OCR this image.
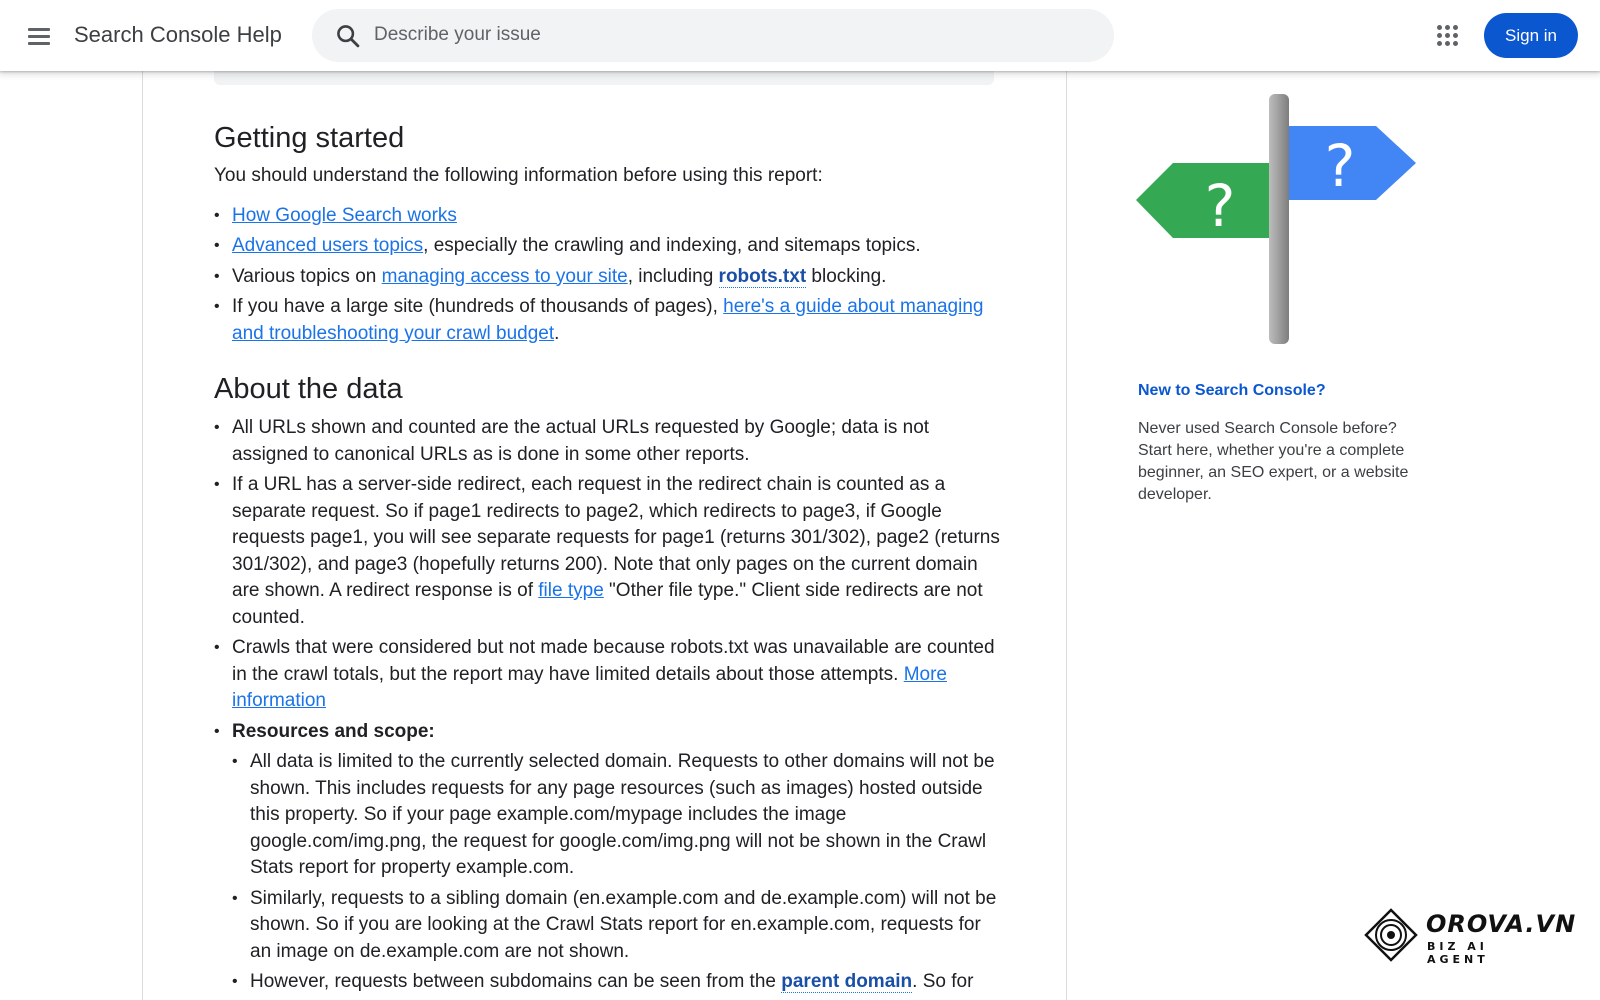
Search Console Help
Describe your issue	Sign in
Getting started

You should understand the following information before using this report:

• How Google Search works
• Advanced users topics, especially the crawling and indexing, and sitemaps topics.
• Various topics on managing access to your site, including robots.txt blocking.
• If you have a large site (hundreds of thousands of pages), here's a guide about managing and troubleshooting your crawl budget.
About the data
• All URLs shown and counted are the actual URLs requested by Google; data is not assigned to canonical URLs as is done in some other reports.
• If a URL has a server-side redirect, each request in the redirect chain is counted as a separate request. So if page1 redirects to page2, which redirects to page3, if Google requests page1, you will see separate requests for page1 (returns 301/302), page2 (returns 301/302), and page3 (hopefully returns 200). Note that only pages on the current domain are shown. A redirect response is of file type "Other file type." Client side redirects are not counted.
• Crawls that were considered but not made because robots.txt was unavailable are counted in the crawl totals, but the report may have limited details about those attempts. More information
• Resources and scope:
• All data is limited to the currently selected domain. Requests to other domains will not be shown. This includes requests for any page resources (such as images) hosted outside this property. So if your page example.com/mypage includes the image google.com/img.png, the request for google.com/img.png will not be shown in the Crawl Stats report for property example.com.
• Similarly, requests to a sibling domain (en.example.com and de.example.com) will not be shown. So if you are looking at the Crawl Stats report for en.example.com, requests for an image on de.example.com are not shown.
• However, requests between subdomains can be seen from the parent domain. So for
?
?
New to Search Console?

Never used Search Console before? Start here, whether you're a complete beginner, an SEO expert, or a website developer.

OROVA.VN
BIZ AI AGENT
